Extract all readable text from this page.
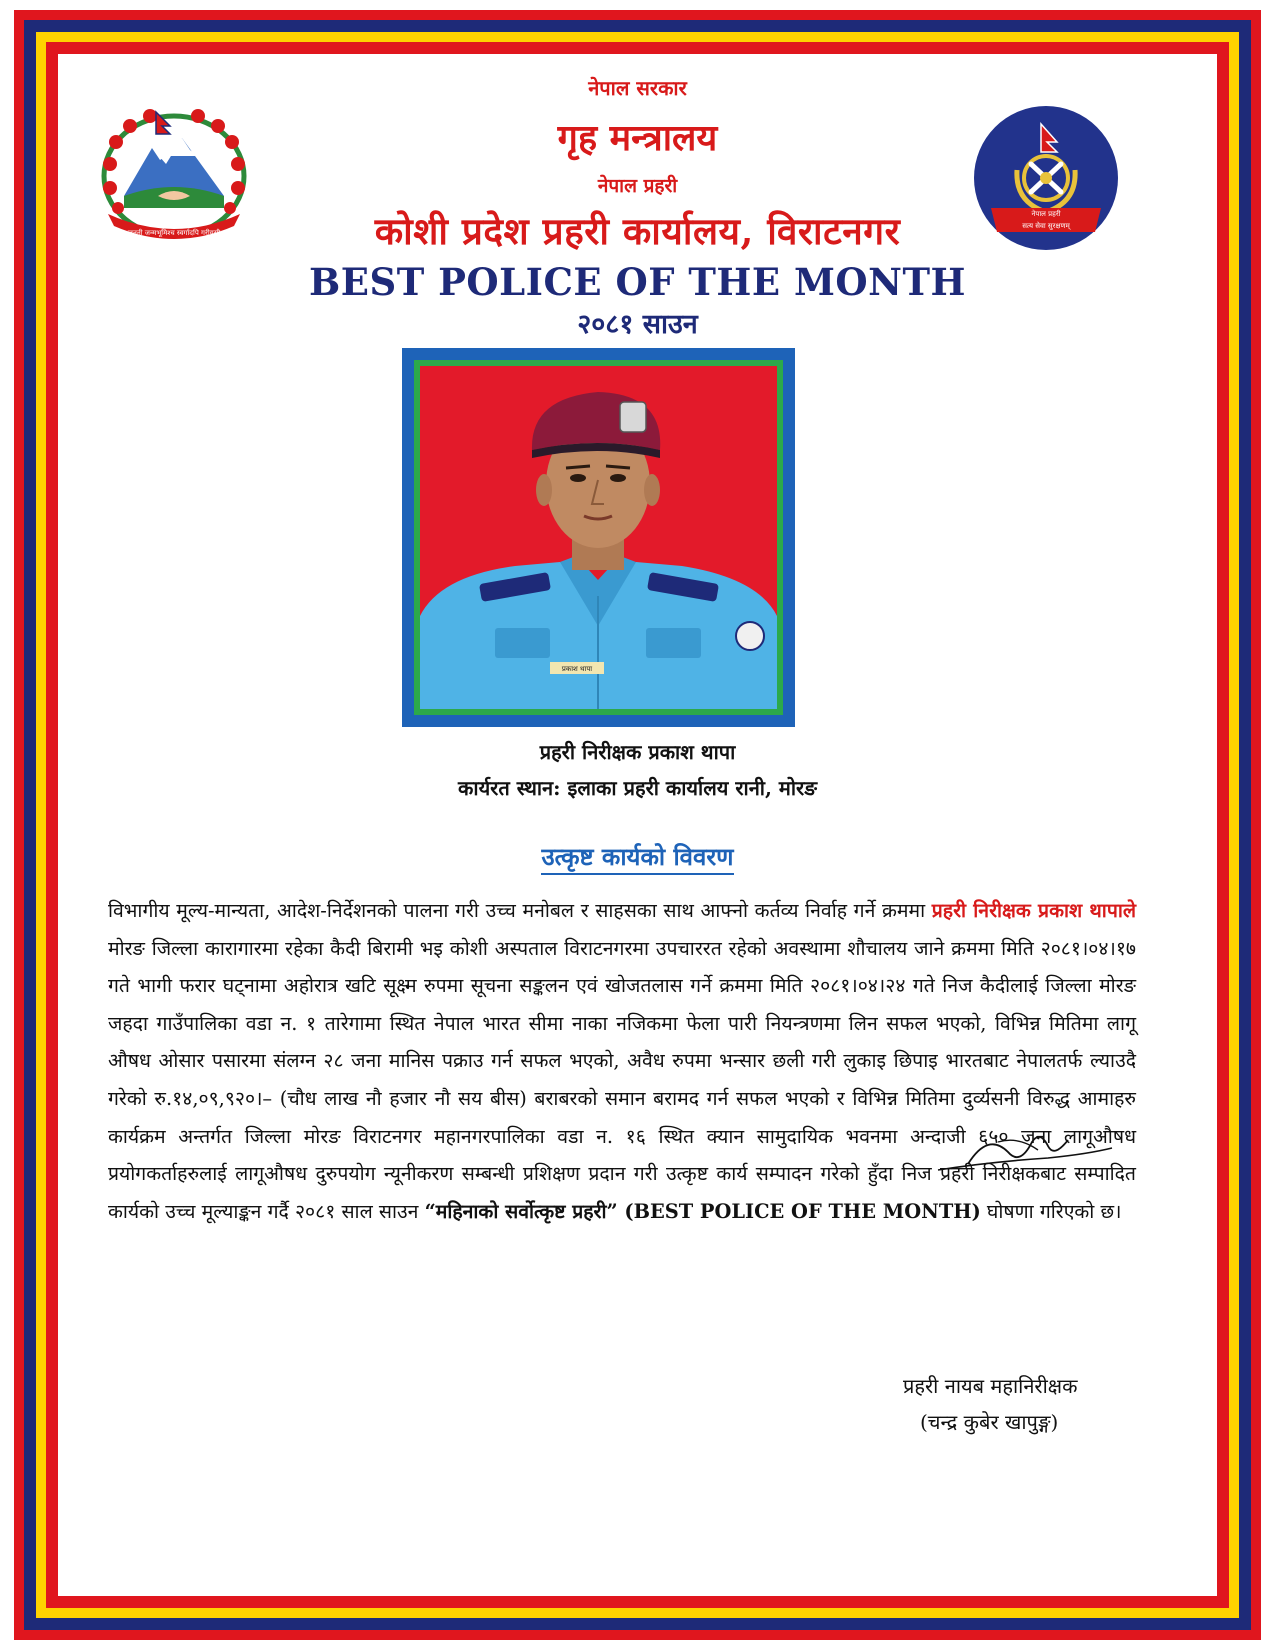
जननी जन्मभूमिश्च स्वर्गादपि गरीयसी
नेपाल प्रहरी
सत्य सेवा सुरक्षणम्
नेपाल सरकार
गृह मन्त्रालय
नेपाल प्रहरी
कोशी प्रदेश प्रहरी कार्यालय, विराटनगर
BEST POLICE OF THE MONTH
२०८१ साउन
प्रकाश थापा
प्रहरी निरीक्षक प्रकाश थापा
कार्यरत स्थान: इलाका प्रहरी कार्यालय रानी, मोरङ
उत्कृष्ट कार्यको विवरण
विभागीय मूल्य-मान्यता, आदेश-निर्देशनको पालना गरी उच्च मनोबल र साहसका साथ आफ्नो कर्तव्य निर्वाह गर्ने क्रममा प्रहरी निरीक्षक प्रकाश थापाले मोरङ जिल्ला कारागारमा रहेका कैदी बिरामी भइ कोशी अस्पताल विराटनगरमा उपचाररत रहेको अवस्थामा शौचालय जाने क्रममा मिति २०८१।०४।१७ गते भागी फरार घट्नामा अहोरात्र खटि सूक्ष्म रुपमा सूचना सङ्कलन एवं खोजतलास गर्ने क्रममा मिति २०८१।०४।२४ गते निज कैदीलाई जिल्ला मोरङ जहदा गाउँपालिका वडा न. १ तारेगामा स्थित नेपाल भारत सीमा नाका नजिकमा फेला पारी नियन्त्रणमा लिन सफल भएको, विभिन्न मितिमा लागू औषध ओसार पसारमा संलग्न २८ जना मानिस पक्राउ गर्न सफल भएको, अवैध रुपमा भन्सार छली गरी लुकाइ छिपाइ भारतबाट नेपालतर्फ ल्याउदै गरेको रु.१४,०९,९२०।– (चौध लाख नौ हजार नौ सय बीस) बराबरको समान बरामद गर्न सफल भएको र विभिन्न मितिमा दुर्व्यसनी विरुद्ध आमाहरु कार्यक्रम अन्तर्गत जिल्ला मोरङ विराटनगर महानगरपालिका वडा न. १६ स्थित क्यान सामुदायिक भवनमा अन्दाजी ६५० जना लागूऔषध प्रयोगकर्ताहरुलाई लागूऔषध दुरुपयोग न्यूनीकरण सम्बन्धी प्रशिक्षण प्रदान गरी उत्कृष्ट कार्य सम्पादन गरेको हुँदा निज प्रहरी निरीक्षकबाट सम्पादित कार्यको उच्च मूल्याङ्कन गर्दै २०८१ साल साउन “महिनाको सर्वोत्कृष्ट प्रहरी” (BEST POLICE OF THE MONTH) घोषणा गरिएको छ।
प्रहरी नायब महानिरीक्षक
(चन्द्र कुबेर खापुङ्ग)
